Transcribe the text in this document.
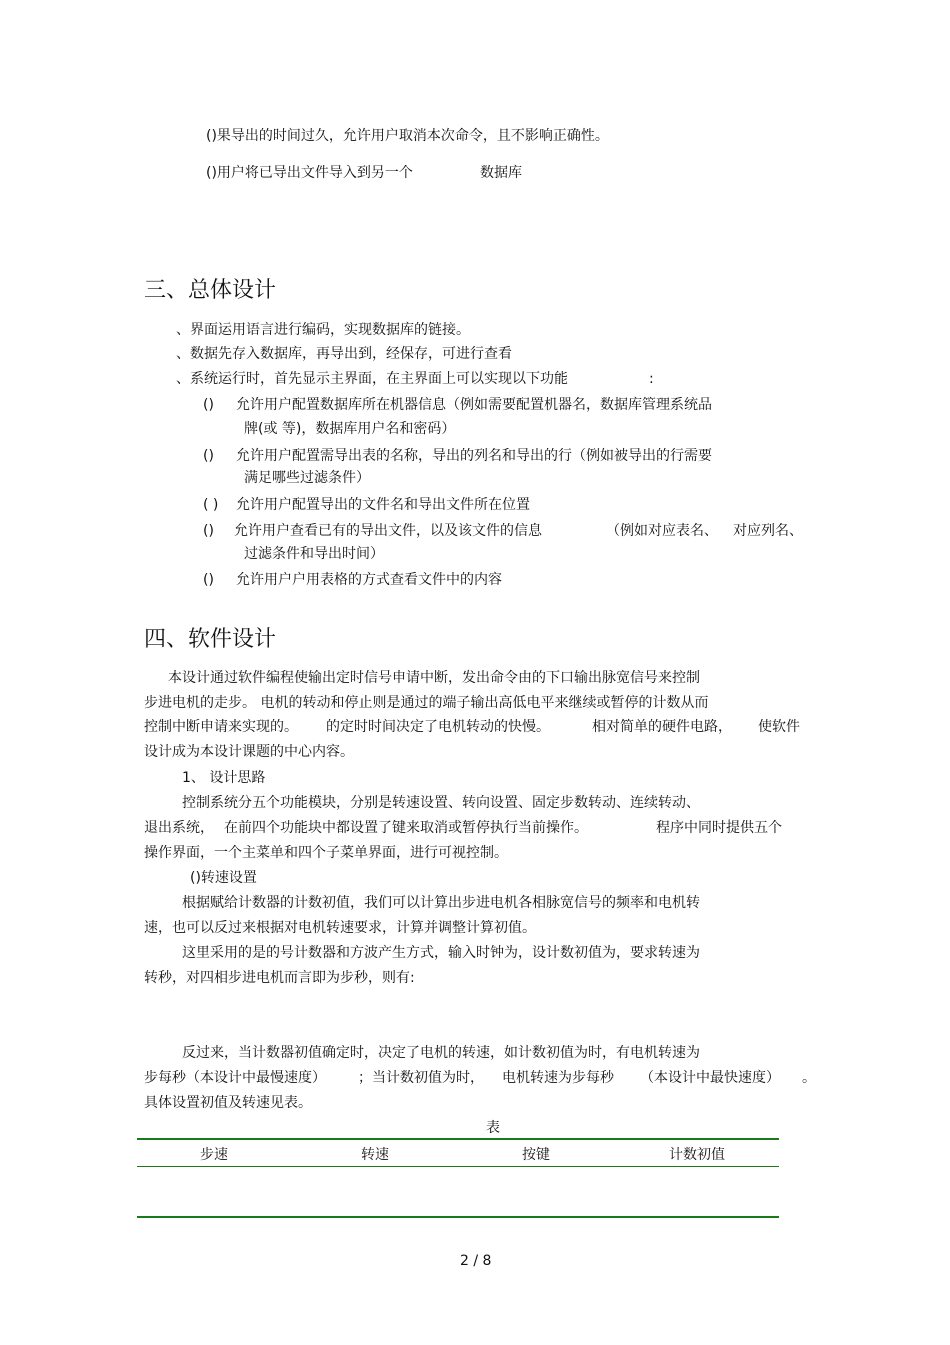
()果导出的时间过久，允许用户取消本次命令，且不影响正确性。
()用户将已导出文件导入到另一个	数据库
三、总体设计
、界面运用语言进行编码，实现数据库的链接。
、数据先存入数据库，再导出到，经保存，可进行查看
、系统运行时，首先显示主界面，在主界面上可以实现以下功能	:
() 允许用户配置数据库所在机器信息（例如需要配置机器名，数据库管理系统品
牌(或 等)，数据库用户名和密码）
() 允许用户配置需导出表的名称，导出的列名和导出的行（例如被导出的行需要
满足哪些过滤条件）
( ) 允许用户配置导出的文件名和导出文件所在位置
() 允许用户查看已有的导出文件，以及该文件的信息	（例如对应表名、 对应列名、
过滤条件和导出时间）
() 允许用户户用表格的方式查看文件中的内容
四、软件设计
本设计通过软件编程使输出定时信号申请中断，发出命令由的下口输出脉宽信号来控制
步进电机的走步。 电机的转动和停止则是通过的端子输出高低电平来继续或暂停的计数从而
控制中断申请来实现的。 的定时时间决定了电机转动的快慢。	相对简单的硬件电路， 使软件
设计成为本设计课题的中心内容。
1、 设计思路
控制系统分五个功能模块，分别是转速设置、转向设置、固定步数转动、连续转动、
退出系统， 在前四个功能块中都设置了键来取消或暂停执行当前操作。	程序中同时提供五个
操作界面，一个主菜单和四个子菜单界面，进行可视控制。
()转速设置
根据赋给计数器的计数初值，我们可以计算出步进电机各相脉宽信号的频率和电机转
速，也可以反过来根据对电机转速要求，计算并调整计算初值。
这里采用的是的号计数器和方波产生方式，输入时钟为，设计数初值为，要求转速为
转秒，对四相步进电机而言即为步秒，则有:
反过来，当计数器初值确定时，决定了电机的转速，如计数初值为时，有电机转速为
步每秒（本设计中最慢速度） ；当计数初值为时， 电机转速为步每秒 （本设计中最快速度） 。
具体设置初值及转速见表。
表
步速	转速	按键	计数初值
2 / 8
